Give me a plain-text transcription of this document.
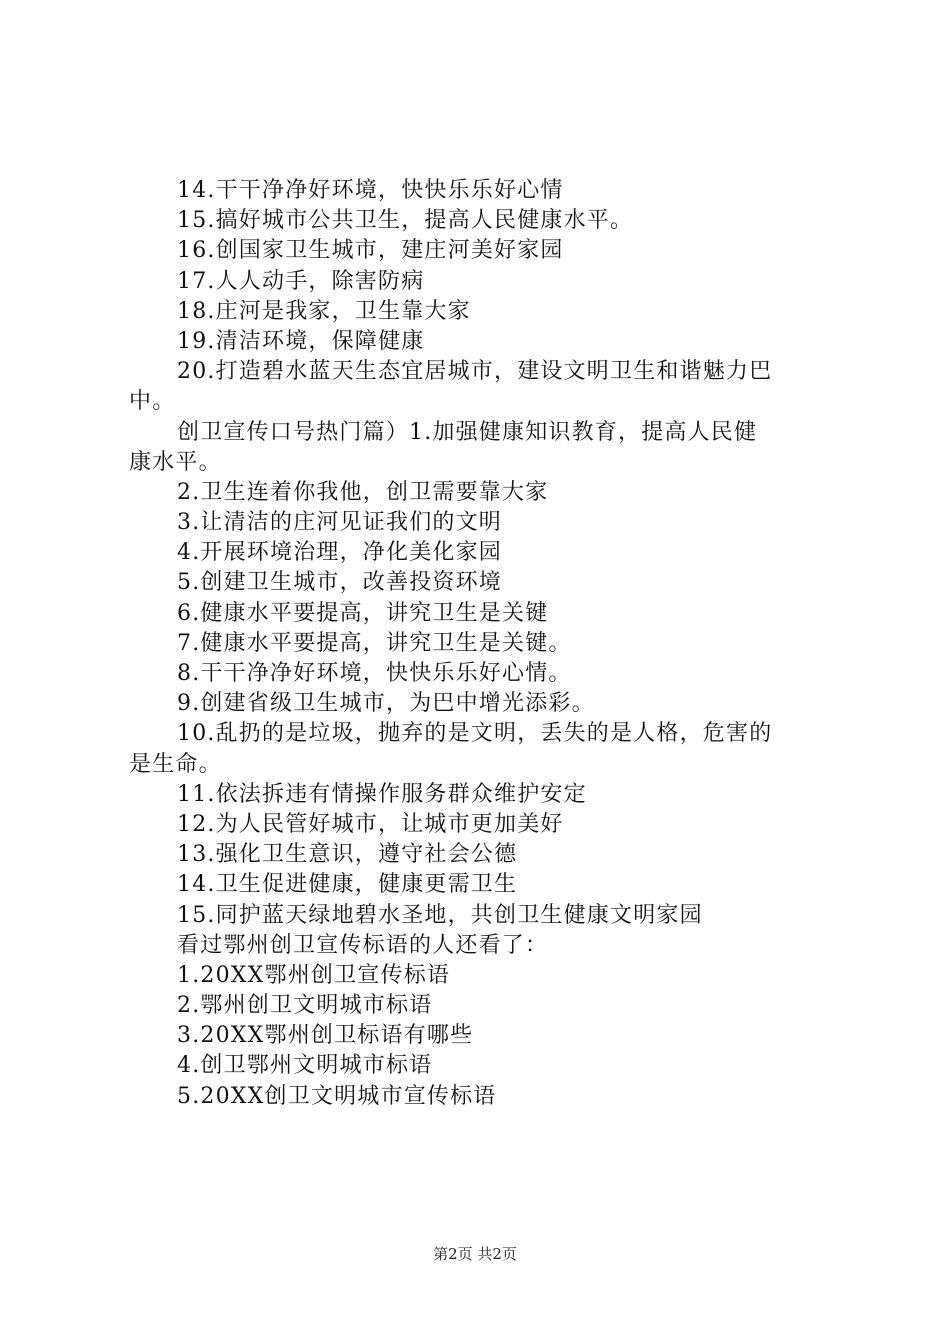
14.干干净净好环境，快快乐乐好心情
15.搞好城市公共卫生，提高人民健康水平。
16.创国家卫生城市，建庄河美好家园
17.人人动手，除害防病
18.庄河是我家，卫生靠大家
19.清洁环境，保障健康
20.打造碧水蓝天生态宜居城市，建设文明卫生和谐魅力巴
中。
创卫宣传口号热门篇）1.加强健康知识教育，提高人民健
康水平。
2.卫生连着你我他，创卫需要靠大家
3.让清洁的庄河见证我们的文明
4.开展环境治理，净化美化家园
5.创建卫生城市，改善投资环境
6.健康水平要提高，讲究卫生是关键
7.健康水平要提高，讲究卫生是关键。
8.干干净净好环境，快快乐乐好心情。
9.创建省级卫生城市，为巴中增光添彩。
10.乱扔的是垃圾，抛弃的是文明，丢失的是人格，危害的
是生命。
11.依法拆违有情操作服务群众维护安定
12.为人民管好城市，让城市更加美好
13.强化卫生意识，遵守社会公德
14.卫生促进健康，健康更需卫生
15.同护蓝天绿地碧水圣地，共创卫生健康文明家园
看过鄂州创卫宣传标语的人还看了：
1.20XX鄂州创卫宣传标语
2.鄂州创卫文明城市标语
3.20XX鄂州创卫标语有哪些
4.创卫鄂州文明城市标语
5.20XX创卫文明城市宣传标语
第2页 共2页
